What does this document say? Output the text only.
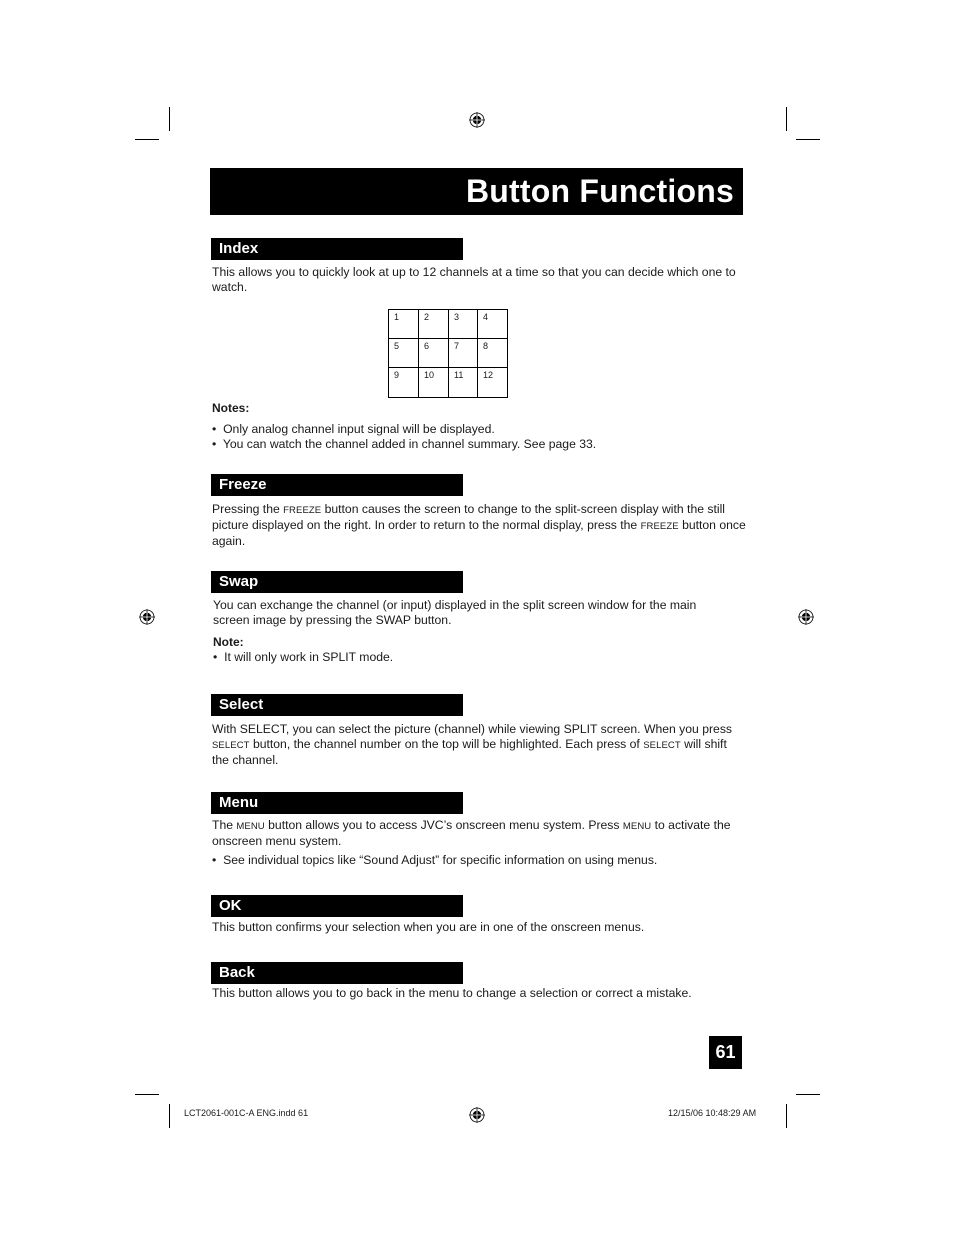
Button Functions
Index

This allows you to quickly look at up to 12 channels at a time so that you can decide which one to watch.

1	2	3	4
5	6	7	8
9	10	11	12
Notes:
• Only analog channel input signal will be displayed.
• You can watch the channel added in channel summary. See page 33.
Freeze

Pressing the FREEZE button causes the screen to change to the split-screen display with the still picture displayed on the right. In order to return to the normal display, press the FREEZE button once again.

Swap

You can exchange the channel (or input) displayed in the split screen window for the main screen image by pressing the SWAP button.

Note:
• It will only work in SPLIT mode.
Select

With SELECT, you can select the picture (channel) while viewing SPLIT screen. When you press SELECT button, the channel number on the top will be highlighted. Each press of SELECT will shift the channel.

Menu

The MENU button allows you to access JVC’s onscreen menu system. Press MENU to activate the onscreen menu system.

• See individual topics like “Sound Adjust” for specific information on using menus.
OK

This button confirms your selection when you are in one of the onscreen menus.

Back

This button allows you to go back in the menu to change a selection or correct a mistake.

61
LCT2061-001C-A ENG.indd 61	12/15/06 10:48:29 AM
